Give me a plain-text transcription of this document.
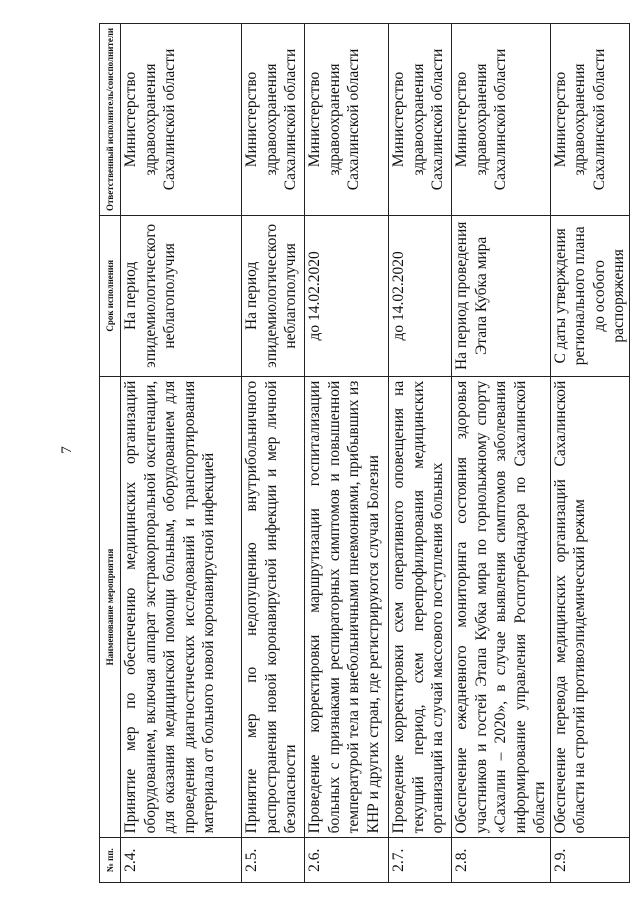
7
№ пп.	Наименование мероприятия	Срок исполнения	Ответственный исполнитель/соисполнители
2.4.	Принятие мер по обеспечению медицинских организаций оборудованием, включая аппарат экстракорпоральной оксигенации, для оказания медицинской помощи больным, оборудованием для проведения диагностических исследований и транспортирования материала от больного новой коронавирусной инфекцией	На период эпидемиологического неблагополучия	Министерство здравоохранения Сахалинской области
2.5.	Принятие мер по недопущению внутрибольничного распространения новой коронавирусной инфекции и мер личной безопасности	На период эпидемиологического неблагополучия	Министерство здравоохранения Сахалинской области
2.6.	Проведение корректировки маршрутизации госпитализации больных с признаками респираторных симптомов и повышенной температурой тела и внебольничными пневмониями, прибывших из КНР и других стран, где регистрируются случаи Болезни	до 14.02.2020	Министерство здравоохранения Сахалинской области
2.7.	Проведение корректировки схем оперативного оповещения на текущий период, схем перепрофилирования медицинских организаций на случай массового поступления больных	до 14.02.2020	Министерство здравоохранения Сахалинской области
2.8.	Обеспечение ежедневного мониторинга состояния здоровья участников и гостей Этапа Кубка мира по горнолыжному спорту «Сахалин – 2020», в случае выявления симптомов заболевания информирование управления Роспотребнадзора по Сахалинской области	На период проведения Этапа Кубка мира	Министерство здравоохранения Сахалинской области
2.9.	Обеспечение перевода медицинских организаций Сахалинской области на строгий противоэпидемический режим	С даты утверждения регионального плана до особого распоряжения	Министерство здравоохранения Сахалинской области
